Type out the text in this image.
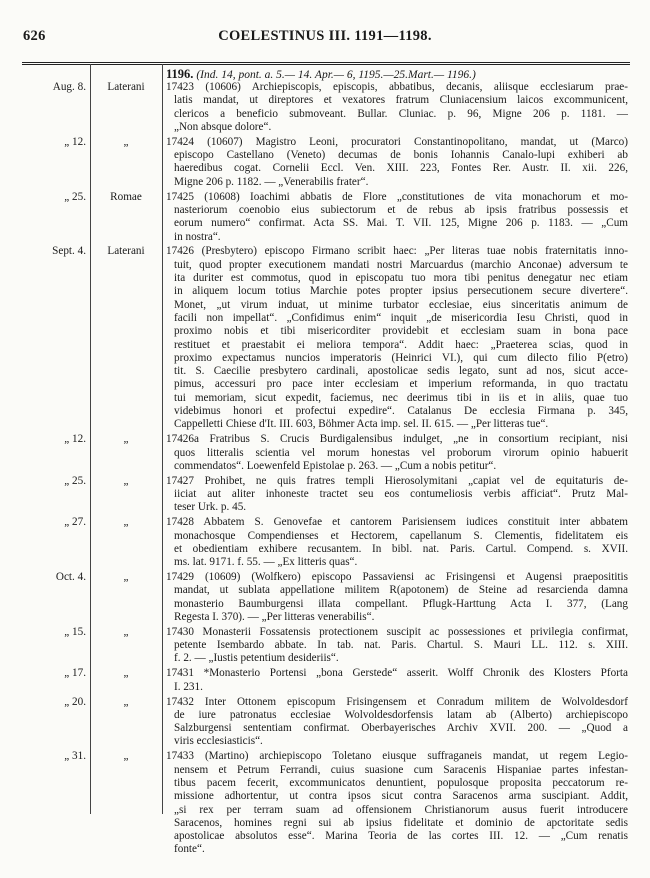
626	COELESTINUS III. 1191—1198.
Aug. 8.
„ 12.
„ 25.
Sept. 4.
„ 12.
„ 25.
„ 27.
Oct. 4.
„ 15.
„ 17.
„ 20.
„ 31.
Laterani
„
Romae
Laterani
„
„
„
„
„
„
„
„
1196. (Ind. 14, pont. a. 5.— 14. Apr.— 6, 1195.—25.Mart.— 1196.)
17423 (10606) Archiepiscopis, episcopis, abbatibus, decanis, aliisque ecclesiarum prae-
latis mandat, ut direptores et vexatores fratrum Cluniacensium laicos excommunicent,
clericos a beneficio submoveant. Bullar. Cluniac. p. 96, Migne 206 p. 1181. —
„Non absque dolore“.
17424 (10607) Magistro Leoni, procuratori Constantinopolitano, mandat, ut (Marco)
episcopo Castellano (Veneto) decumas de bonis Iohannis Canalo-lupi exhiberi ab
haeredibus cogat. Cornelii Eccl. Ven. XIII. 223, Fontes Rer. Austr. II. xii. 226,
Migne 206 p. 1182. — „Venerabilis frater“.
17425 (10608) Ioachimi abbatis de Flore „constitutiones de vita monachorum et mo-
nasteriorum coenobio eius subiectorum et de rebus ab ipsis fratribus possessis et
eorum numero“ confirmat. Acta SS. Mai. T. VII. 125, Migne 206 p. 1183. — „Cum
in nostra“.
17426 (Presbytero) episcopo Firmano scribit haec: „Per literas tuae nobis fraternitatis inno-
tuit, quod propter executionem mandati nostri Marcuardus (marchio Anconae) adversum te
ita duriter est commotus, quod in episcopatu tuo mora tibi penitus denegatur nec etiam
in aliquem locum totius Marchie potes propter ipsius persecutionem secure divertere“.
Monet, „ut virum induat, ut minime turbator ecclesiae, eius sinceritatis animum de
facili non impellat“. „Confidimus enim“ inquit „de misericordia Iesu Christi, quod in
proximo nobis et tibi misericorditer providebit et ecclesiam suam in bona pace
restituet et praestabit ei meliora tempora“. Addit haec: „Praeterea scias, quod in
proximo expectamus nuncios imperatoris (Heinrici VI.), qui cum dilecto filio P(etro)
tit. S. Caecilie presbytero cardinali, apostolicae sedis legato, sunt ad nos, sicut acce-
pimus, accessuri pro pace inter ecclesiam et imperium reformanda, in quo tractatu
tui memoriam, sicut expedit, faciemus, nec deerimus tibi in iis et in aliis, quae tuo
videbimus honori et profectui expedire“. Catalanus De ecclesia Firmana p. 345,
Cappelletti Chiese d'It. III. 603, Böhmer Acta imp. sel. II. 615. — „Per litteras tue“.
17426a Fratribus S. Crucis Burdigalensibus indulget, „ne in consortium recipiant, nisi
quos litteralis scientia vel morum honestas vel proborum virorum opinio habuerit
commendatos“. Loewenfeld Epistolae p. 263. — „Cum a nobis petitur“.
17427 Prohibet, ne quis fratres templi Hierosolymitani „capiat vel de equitaturis de-
iiciat aut aliter inhoneste tractet seu eos contumeliosis verbis afficiat“. Prutz Mal-
teser Urk. p. 45.
17428 Abbatem S. Genovefae et cantorem Parisiensem iudices constituit inter abbatem
monachosque Compendienses et Hectorem, capellanum S. Clementis, fidelitatem eis
et obedientiam exhibere recusantem. In bibl. nat. Paris. Cartul. Compend. s. XVII.
ms. lat. 9171. f. 55. — „Ex litteris quas“.
17429 (10609) (Wolfkero) episcopo Passaviensi ac Frisingensi et Augensi praeposititis
mandat, ut sublata appellatione militem R(apotonem) de Steine ad resarcienda damna
monasterio Baumburgensi illata compellant. Pflugk-Harttung Acta I. 377, (Lang
Regesta I. 370). — „Per litteras venerabilis“.
17430 Monasterii Fossatensis protectionem suscipit ac possessiones et privilegia confirmat,
petente Isembardo abbate. In tab. nat. Paris. Chartul. S. Mauri LL. 112. s. XIII.
f. 2. — „Iustis petentium desideriis“.
17431 *Monasterio Portensi „bona Gerstede“ asserit. Wolff Chronik des Klosters Pforta
I. 231.
17432 Inter Ottonem episcopum Frisingensem et Conradum militem de Wolvoldesdorf
de iure patronatus ecclesiae Wolvoldesdorfensis latam ab (Alberto) archiepiscopo
Salzburgensi sententiam confirmat. Oberbayerisches Archiv XVII. 200. — „Quod a
viris ecclesiasticis“.
17433 (Martino) archiepiscopo Toletano eiusque suffraganeis mandat, ut regem Legio-
nensem et Petrum Ferrandi, cuius suasione cum Saracenis Hispaniae partes infestan-
tibus pacem fecerit, excommunicatos denuntient, populosque proposita peccatorum re-
missione adhortentur, ut contra ipsos sicut contra Saracenos arma suscipiant. Addit,
„si rex per terram suam ad offensionem Christianorum ausus fuerit introducere
Saracenos, homines regni sui ab ipsius fidelitate et dominio de apctoritate sedis
apostolicae absolutos esse“. Marina Teoria de las cortes III. 12. — „Cum renatis
fonte“.
